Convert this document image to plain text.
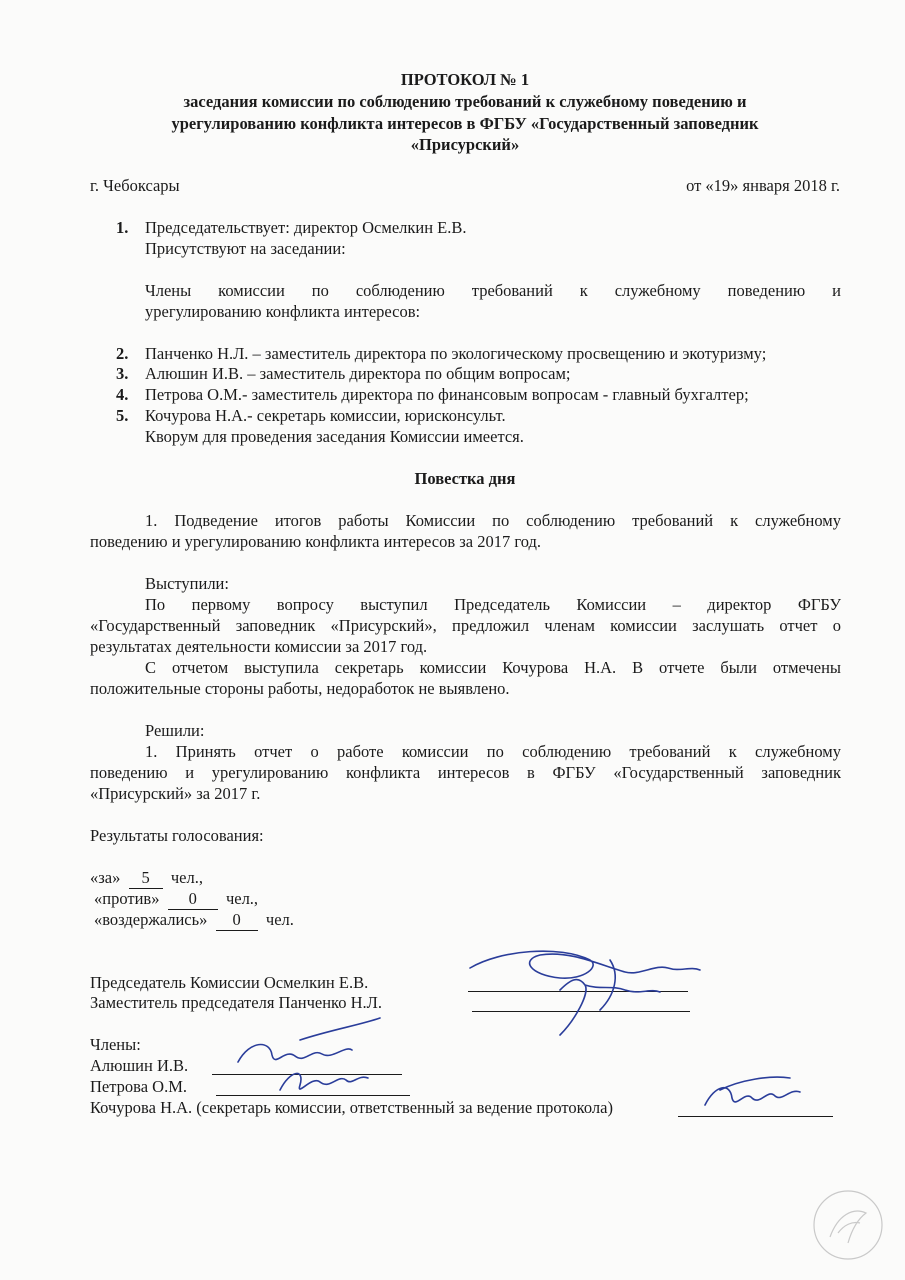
ПРОТОКОЛ № 1
заседания комиссии по соблюдению требований к служебному поведению и
урегулированию конфликта интересов в ФГБУ «Государственный заповедник
«Присурский»
г. Чебоксары	от «19» января 2018 г.
1. Председательствует: директор Осмелкин Е.В.
Присутствуют на заседании:
Члены комиссии по соблюдению требований к служебному поведению и
урегулированию конфликта интересов:
2. Панченко Н.Л. – заместитель директора по экологическому просвещению и экотуризму;
3. Алюшин И.В. – заместитель директора по общим вопросам;
4. Петрова О.М.- заместитель директора по финансовым вопросам - главный бухгалтер;
5. Кочурова Н.А.- секретарь комиссии, юрисконсульт.
Кворум для проведения заседания Комиссии имеется.
Повестка дня
1. Подведение итогов работы Комиссии по соблюдению требований к служебному
поведению и урегулированию конфликта интересов за 2017 год.
Выступили:
По первому вопросу выступил Председатель Комиссии – директор ФГБУ
«Государственный заповедник «Присурский», предложил членам комиссии заслушать отчет о
результатах деятельности комиссии за 2017 год.
С отчетом выступила секретарь комиссии Кочурова Н.А. В отчете были отмечены
положительные стороны работы, недоработок не выявлено.
Решили:
1. Принять отчет о работе комиссии по соблюдению требований к служебному
поведению и урегулированию конфликта интересов в ФГБУ «Государственный заповедник
«Присурский» за 2017 г.
Результаты голосования:
«за» 5 чел.,
«против» 0 чел.,
«воздержались» 0 чел.
Председатель Комиссии Осмелкин Е.В.
Заместитель председателя Панченко Н.Л.
Члены:
Алюшин И.В.
Петрова О.М.
Кочурова Н.А. (секретарь комиссии, ответственный за ведение протокола)
